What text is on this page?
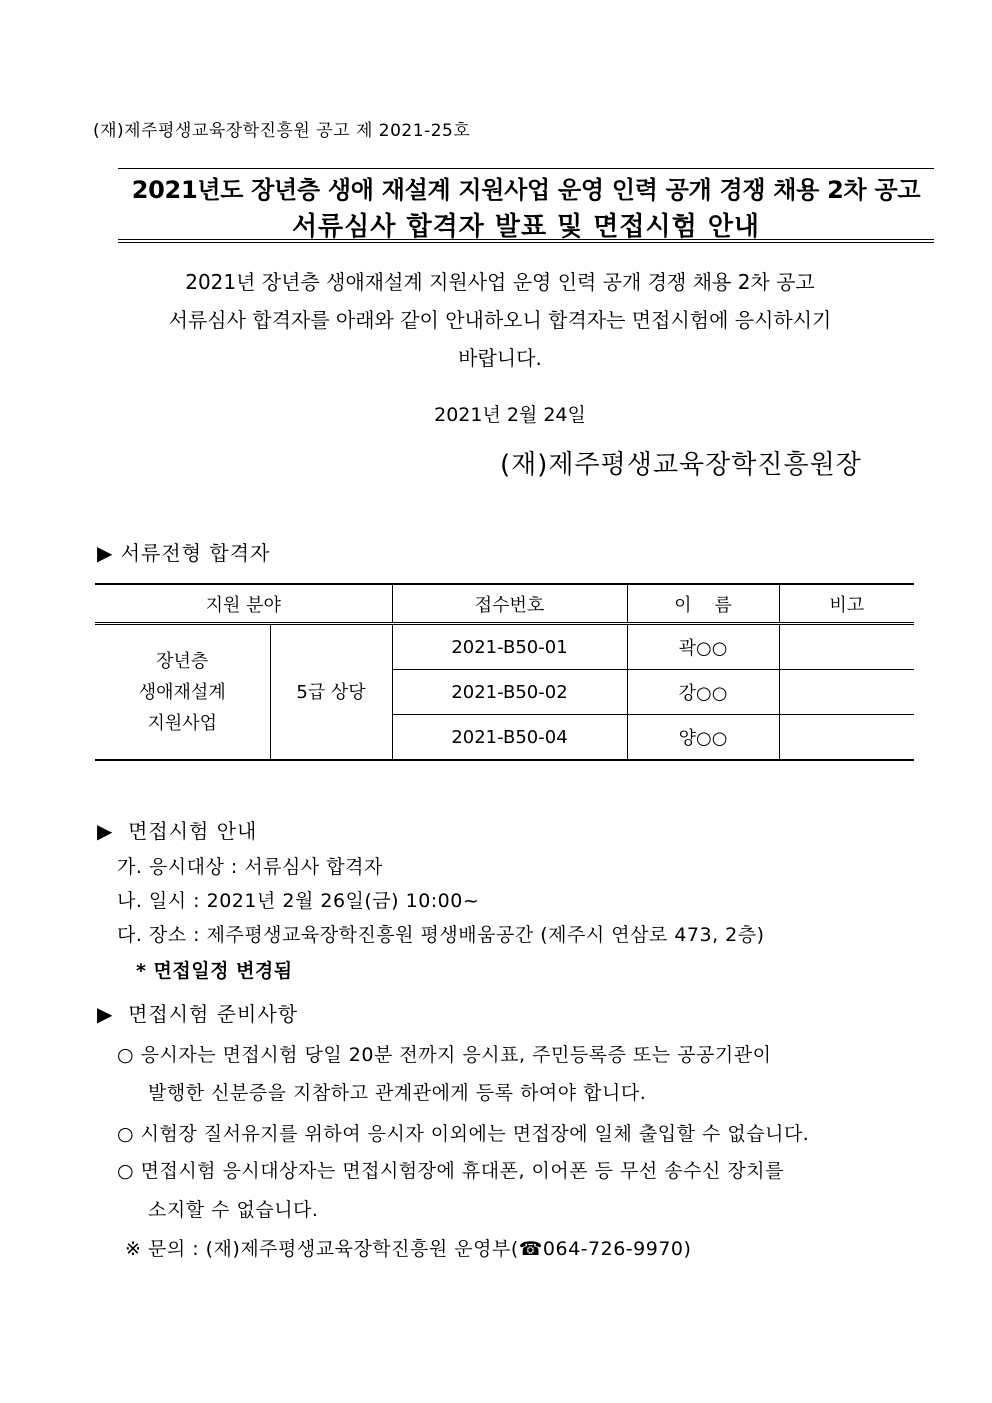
(재)제주평생교육장학진흥원 공고 제 2021-25호
2021년도 장년층 생애 재설계 지원사업 운영 인력 공개 경쟁 채용 2차 공고
서류심사 합격자 발표 및 면접시험 안내
2021년 장년층 생애재설계 지원사업 운영 인력 공개 경쟁 채용 2차 공고
서류심사 합격자를 아래와 같이 안내하오니 합격자는 면접시험에 응시하시기
바랍니다.
2021년 2월 24일
(재)제주평생교육장학진흥원장
▶ 서류전형 합격자
지원 분야		접수번호	이    름	비고

장년층
생애재설계
지원사업	5급 상당	2021-B50-01	곽○○	
		2021-B50-02	강○○	
		2021-B50-04	양○○	
▶  면접시험 안내
가. 응시대상 : 서류심사 합격자
나. 일시 : 2021년 2월 26일(금) 10:00~
다. 장소 : 제주평생교육장학진흥원 평생배움공간 (제주시 연삼로 473, 2층)
* 면접일정 변경됨
▶  면접시험 준비사항
○ 응시자는 면접시험 당일 20분 전까지 응시표, 주민등록증 또는 공공기관이
발행한 신분증을 지참하고 관계관에게 등록 하여야 합니다.
○ 시험장 질서유지를 위하여 응시자 이외에는 면접장에 일체 출입할 수 없습니다.
○ 면접시험 응시대상자는 면접시험장에 휴대폰, 이어폰 등 무선 송수신 장치를
소지할 수 없습니다.
※ 문의 : (재)제주평생교육장학진흥원 운영부(☎064-726-9970)
